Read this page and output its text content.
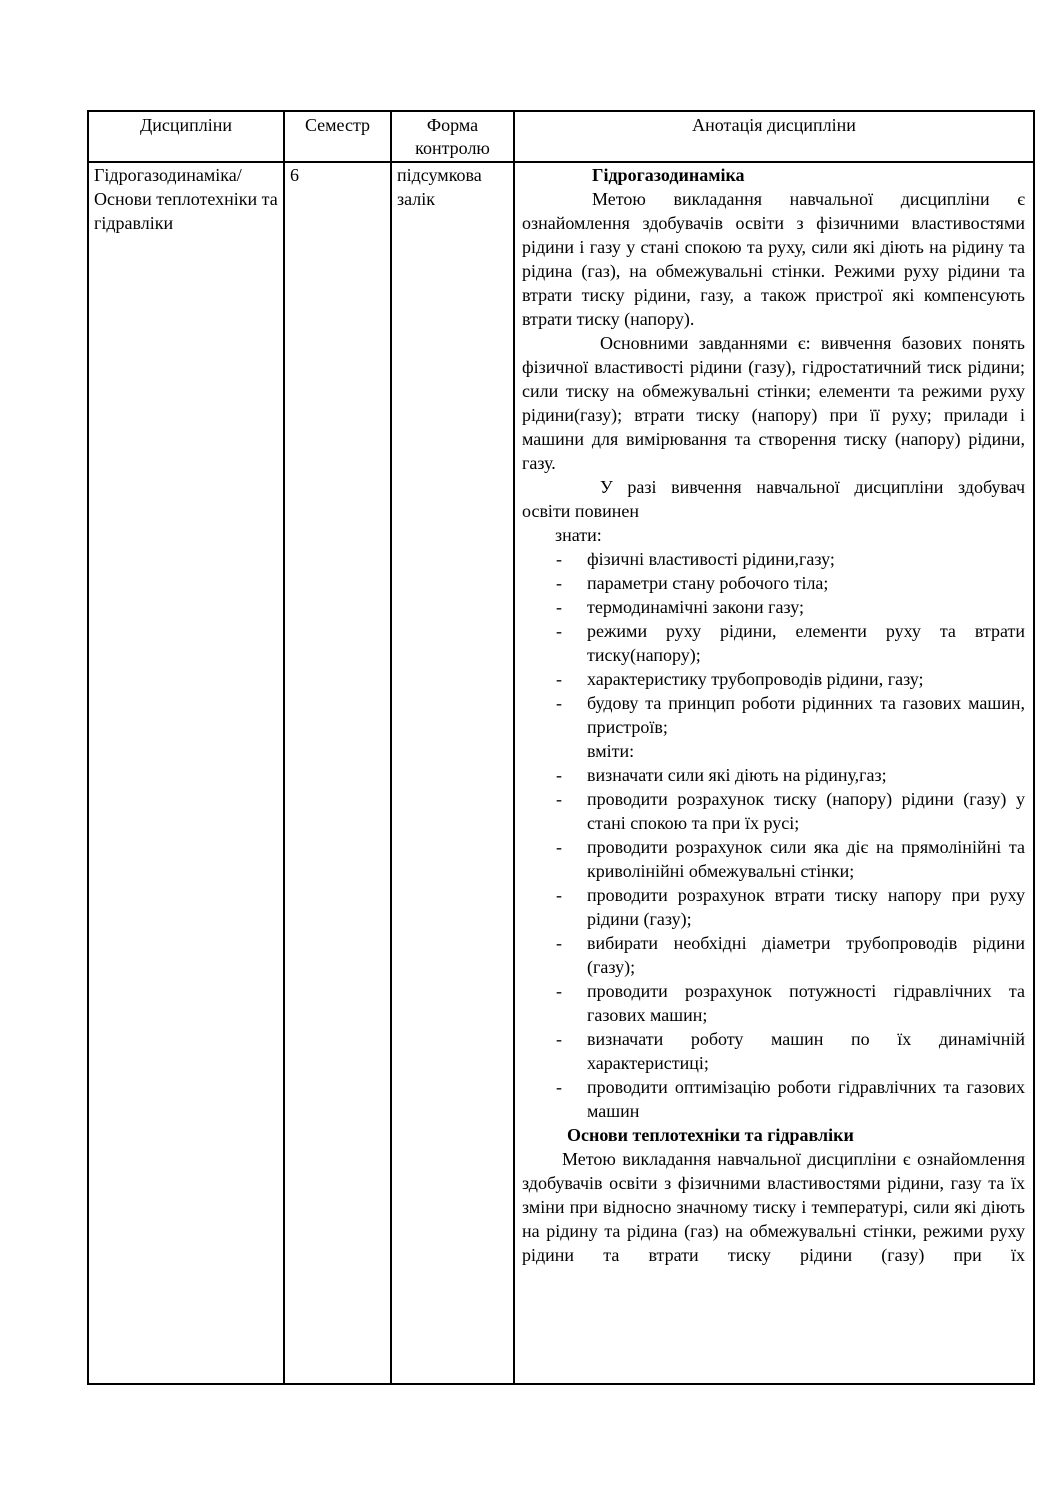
Дисципліни	Семестр	Форма контролю	Анотація дисципліни
Гідрогазодинаміка/ Основи теплотехніки та гідравліки	6	підсумкова залік	

Гідрогазодинаміка

Метою викладання навчальної дисципліни є ознайомлення здобувачів освіти з фізичними властивостями рідини і газу у стані спокою та руху, сили які діють на рідину та рідина (газ), на обмежувальні стінки. Режими руху рідини та втрати тиску рідини, газу, а також пристрої які компенсують втрати тиску (напору).

Основними завданнями є: вивчення базових понять фізичної властивості рідини (газу), гідростатичний тиск рідини; сили тиску на обмежувальні стінки; елементи та режими руху рідини(газу); втрати тиску (напору) при її руху; прилади і машини для вимірювання та створення тиску (напору) рідини, газу.

У разі вивчення навчальної дисципліни здобувач освіти повинен

знати:

- фізичні властивості рідини,газу;
- параметри стану робочого тіла;
- термодинамічні закони газу;
- режими руху рідини, елементи руху та втрати тиску(напору);
- характеристику трубопроводів рідини, газу;
- будову та принцип роботи рідинних та газових машин, пристроїв;

вміти:

- визначати сили які діють на рідину,газ;
- проводити розрахунок тиску (напору) рідини (газу) у стані спокою та при їх русі;
- проводити розрахунок сили яка діє на прямолінійні та криволінійні обмежувальні стінки;
- проводити розрахунок втрати тиску напору при руху рідини (газу);
- вибирати необхідні діаметри трубопроводів рідини (газу);
- проводити розрахунок потужності гідравлічних та газових машин;
- визначати роботу машин по їх динамічній характеристиці;
- проводити оптимізацію роботи гідравлічних та газових машин

Основи теплотехніки та гідравліки

Метою викладання навчальної дисципліни є ознайомлення здобувачів освіти з фізичними властивостями рідини, газу та їх зміни при відносно значному тиску і температурі, сили які діють на рідину та рідина (газ) на обмежувальні стінки, режими руху рідини та втрати тиску рідини (газу) при їх
